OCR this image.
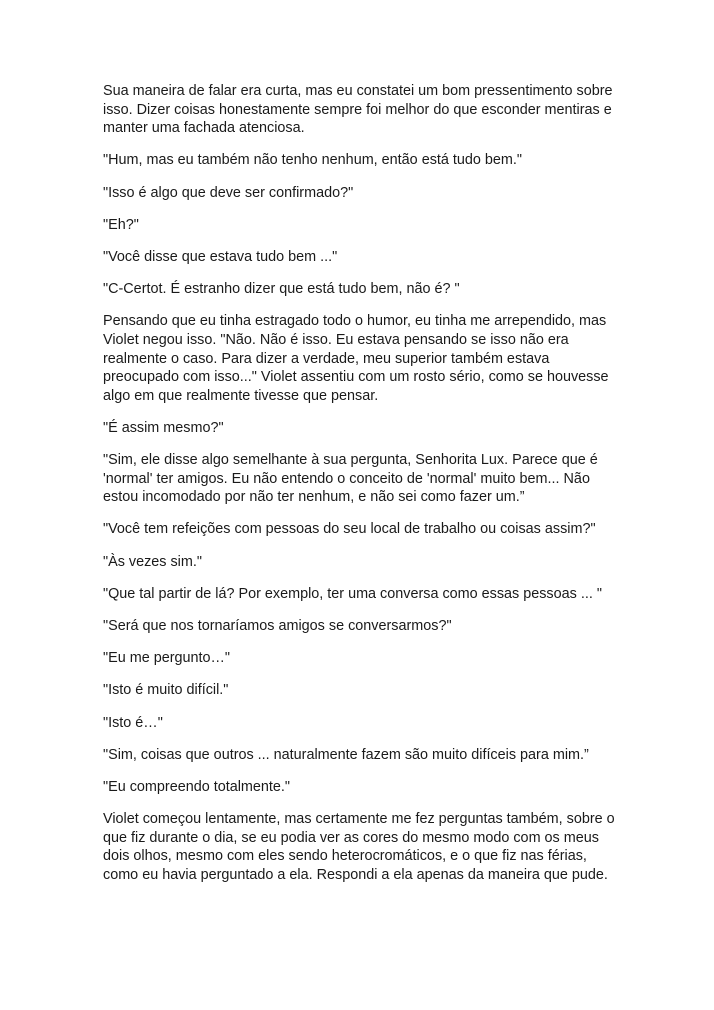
Sua maneira de falar era curta, mas eu constatei um bom pressentimento sobre isso. Dizer coisas honestamente sempre foi melhor do que esconder mentiras e manter uma fachada atenciosa.

"Hum, mas eu também não tenho nenhum, então está tudo bem."

"Isso é algo que deve ser confirmado?"

"Eh?"

"Você disse que estava tudo bem ..."

"C-Certot. É estranho dizer que está tudo bem, não é? "

Pensando que eu tinha estragado todo o humor, eu tinha me arrependido, mas Violet negou isso. "Não. Não é isso. Eu estava pensando se isso não era realmente o caso. Para dizer a verdade, meu superior também estava preocupado com isso..." Violet assentiu com um rosto sério, como se houvesse algo em que realmente tivesse que pensar.

"É assim mesmo?"

"Sim, ele disse algo semelhante à sua pergunta, Senhorita Lux. Parece que é 'normal' ter amigos. Eu não entendo o conceito de 'normal' muito bem... Não estou incomodado por não ter nenhum, e não sei como fazer um.”

"Você tem refeições com pessoas do seu local de trabalho ou coisas assim?"

"Às vezes sim."

"Que tal partir de lá? Por exemplo, ter uma conversa como essas pessoas ... "

"Será que nos tornaríamos amigos se conversarmos?"

"Eu me pergunto…"

"Isto é muito difícil."

"Isto é…"

"Sim, coisas que outros ... naturalmente fazem são muito difíceis para mim.”

"Eu compreendo totalmente."

Violet começou lentamente, mas certamente me fez perguntas também, sobre o que fiz durante o dia, se eu podia ver as cores do mesmo modo com os meus dois olhos, mesmo com eles sendo heterocromáticos, e o que fiz nas férias, como eu havia perguntado a ela. Respondi a ela apenas da maneira que pude.
